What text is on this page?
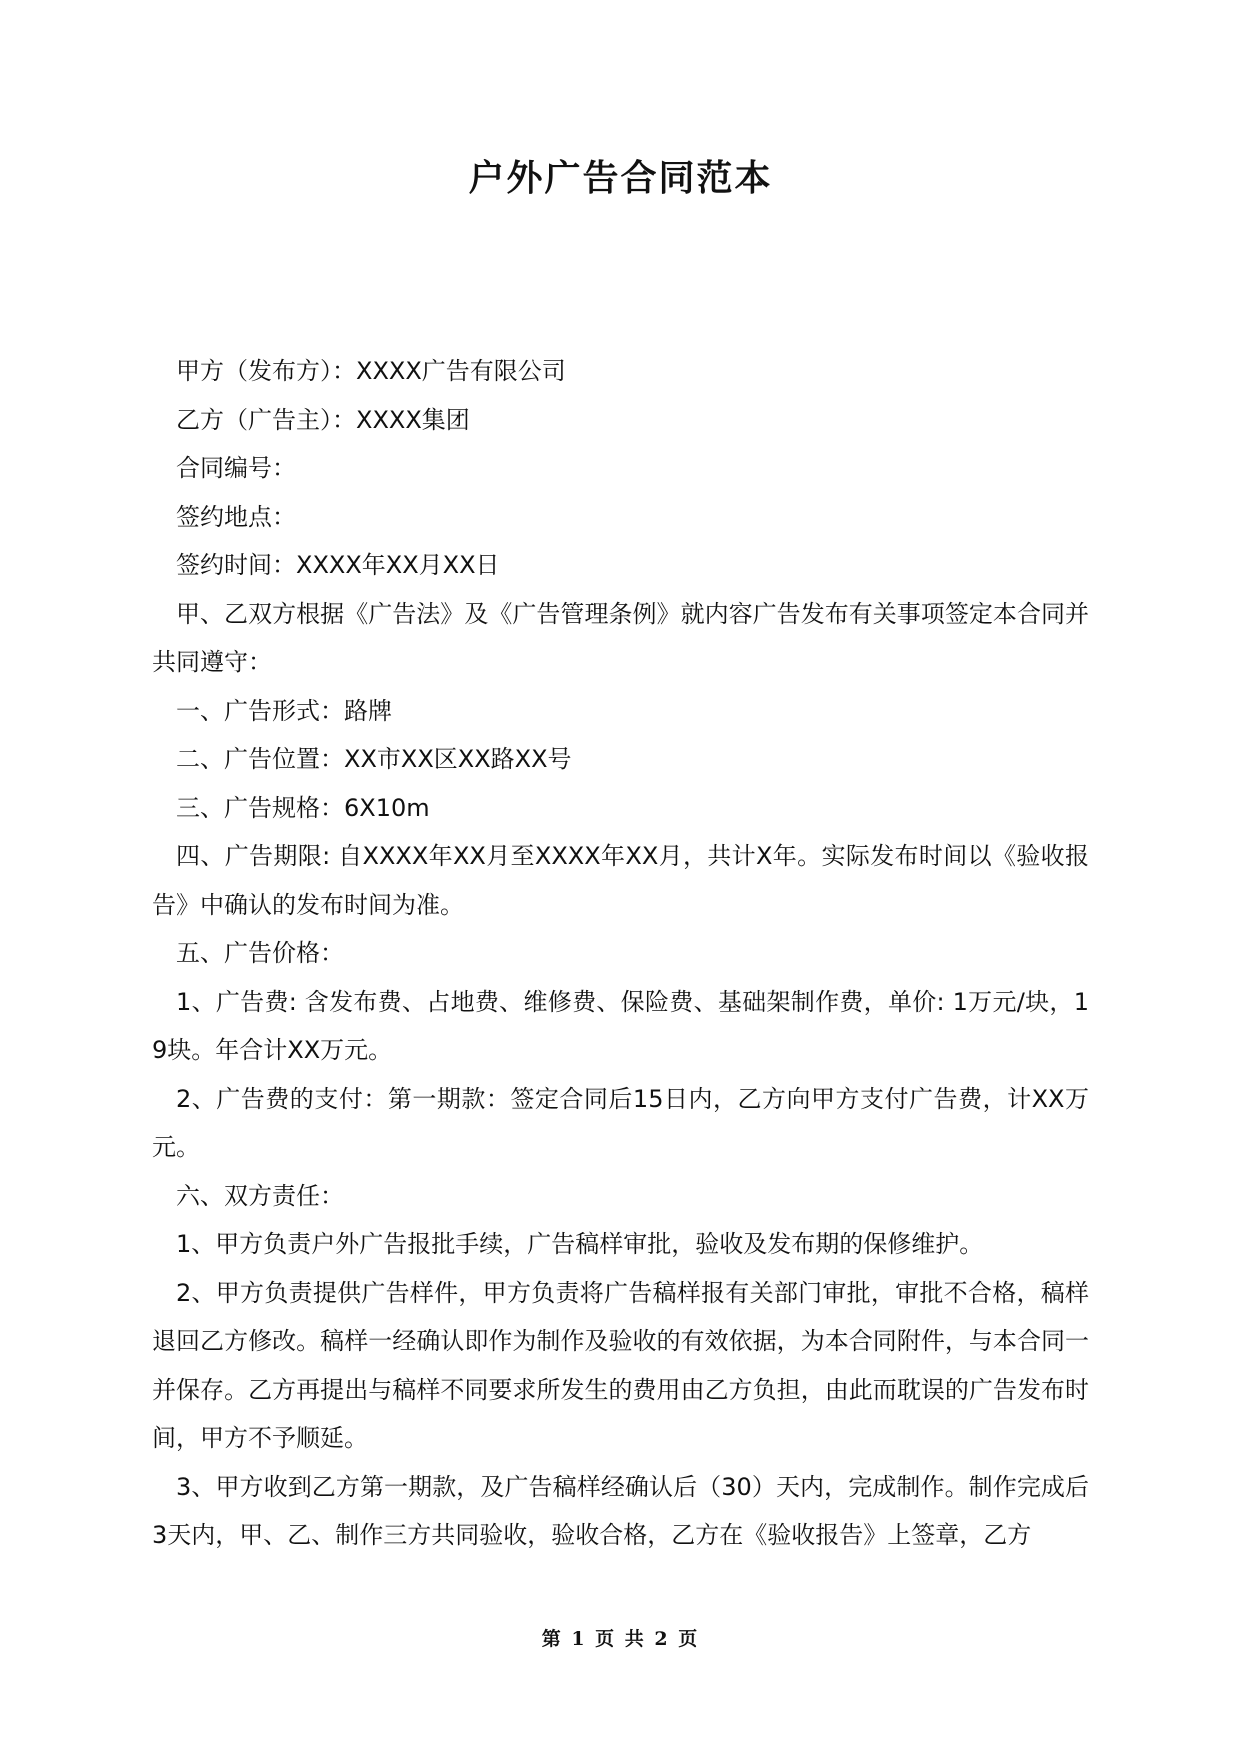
户外广告合同范本

甲方（发布方）：XXXX广告有限公司

乙方（广告主）：XXXX集团

合同编号：

签约地点：

签约时间：XXXX年XX月XX日

甲、乙双方根据《广告法》及《广告管理条例》就内容广告发布有关事项签定本合同并共同遵守：

一、广告形式：路牌

二、广告位置：XX市XX区XX路XX号

三、广告规格：6X10m

四、广告期限: 自XXXX年XX月至XXXX年XX月，共计X年。实际发布时间以《验收报告》中确认的发布时间为准。

五、广告价格：

1、广告费: 含发布费、占地费、维修费、保险费、基础架制作费，单价: 1万元/块，19块。年合计XX万元。

2、广告费的支付：第一期款：签定合同后15日内，乙方向甲方支付广告费，计XX万元。

六、双方责任：

1、甲方负责户外广告报批手续，广告稿样审批，验收及发布期的保修维护。

2、甲方负责提供广告样件，甲方负责将广告稿样报有关部门审批，审批不合格，稿样退回乙方修改。稿样一经确认即作为制作及验收的有效依据，为本合同附件，与本合同一并保存。乙方再提出与稿样不同要求所发生的费用由乙方负担，由此而耽误的广告发布时间，甲方不予顺延。

3、甲方收到乙方第一期款，及广告稿样经确认后（30）天内，完成制作。制作完成后3天内，甲、乙、制作三方共同验收，验收合格，乙方在《验收报告》上签章，乙方

第 1 页 共 2 页
